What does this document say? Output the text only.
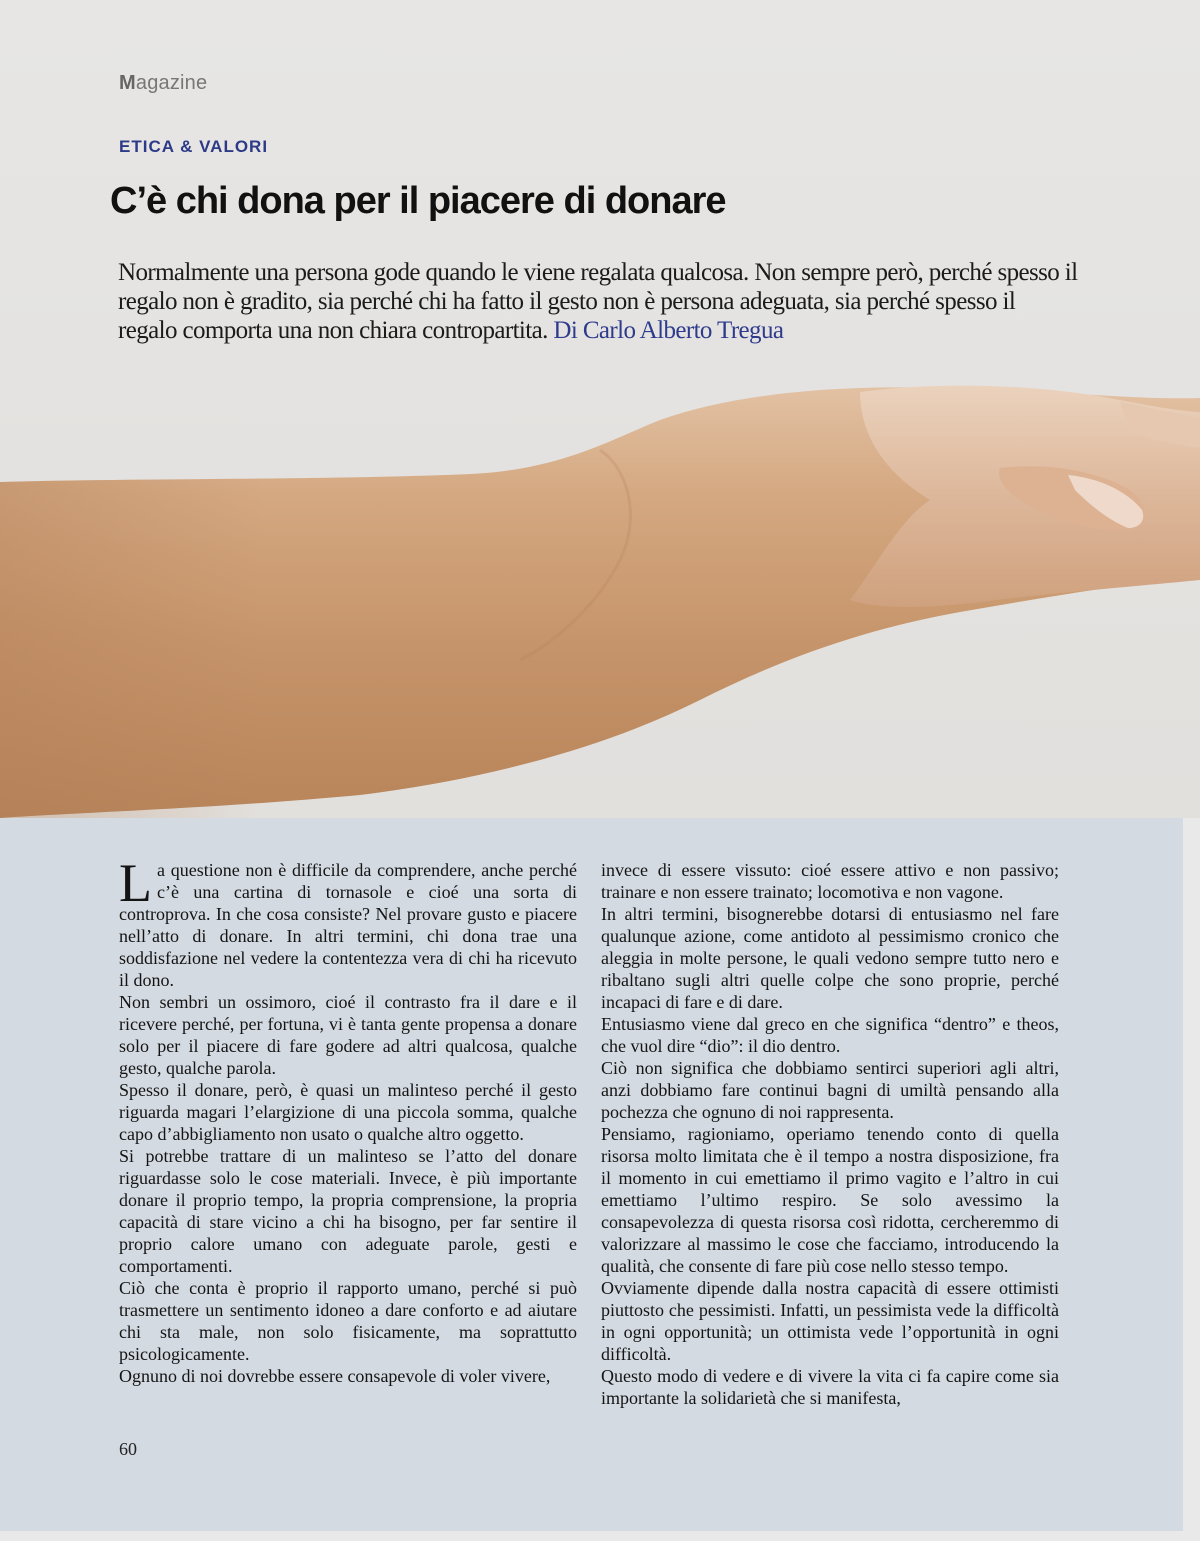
Magazine
ETICA & VALORI
C’è chi dona per il piacere di donare

Normalmente una persona gode quando le viene regalata qualcosa. Non sempre però, perché spesso il regalo non è gradito, sia perché chi ha fatto il gesto non è persona adeguata, sia perché spesso il regalo comporta una non chiara contropartita. Di Carlo Alberto Tregua

La questione non è difficile da comprendere, anche perché c’è una cartina di tornasole e cioé una sorta di controprova. In che cosa consiste? Nel provare gusto e piacere nell’atto di donare. In altri termini, chi dona trae una soddisfazione nel vedere la contentezza vera di chi ha ricevuto il dono.

Non sembri un ossimoro, cioé il contrasto fra il dare e il ricevere perché, per fortuna, vi è tanta gente propensa a donare solo per il piacere di fare godere ad altri qualcosa, qualche gesto, qualche parola.

Spesso il donare, però, è quasi un malinteso perché il gesto riguarda magari l’elargizione di una piccola somma, qualche capo d’abbigliamento non usato o qualche altro oggetto.

Si potrebbe trattare di un malinteso se l’atto del donare riguardasse solo le cose materiali. Invece, è più importante donare il proprio tempo, la propria comprensione, la propria capacità di stare vicino a chi ha bisogno, per far sentire il proprio calore umano con adeguate parole, gesti e comportamenti.

Ciò che conta è proprio il rapporto umano, perché si può trasmettere un sentimento idoneo a dare conforto e ad aiutare chi sta male, non solo fisicamente, ma soprattutto psicologicamente.

Ognuno di noi dovrebbe essere consapevole di voler vivere,

invece di essere vissuto: cioé essere attivo e non passivo; trainare e non essere trainato; locomotiva e non vagone.

In altri termini, bisognerebbe dotarsi di entusiasmo nel fare qualunque azione, come antidoto al pessimismo cronico che aleggia in molte persone, le quali vedono sempre tutto nero e ribaltano sugli altri quelle colpe che sono proprie, perché incapaci di fare e di dare.

Entusiasmo viene dal greco en che significa “dentro” e theos, che vuol dire “dio”: il dio dentro.

Ciò non significa che dobbiamo sentirci superiori agli altri, anzi dobbiamo fare continui bagni di umiltà pensando alla pochezza che ognuno di noi rappresenta.

Pensiamo, ragioniamo, operiamo tenendo conto di quella risorsa molto limitata che è il tempo a nostra disposizione, fra il momento in cui emettiamo il primo vagito e l’altro in cui emettiamo l’ultimo respiro. Se solo avessimo la consapevolezza di questa risorsa così ridotta, cercheremmo di valorizzare al massimo le cose che facciamo, introducendo la qualità, che consente di fare più cose nello stesso tempo.

Ovviamente dipende dalla nostra capacità di essere ottimisti piuttosto che pessimisti. Infatti, un pessimista vede la difficoltà in ogni opportunità; un ottimista vede l’opportunità in ogni difficoltà.

Questo modo di vedere e di vivere la vita ci fa capire come sia importante la solidarietà che si manifesta,

60
